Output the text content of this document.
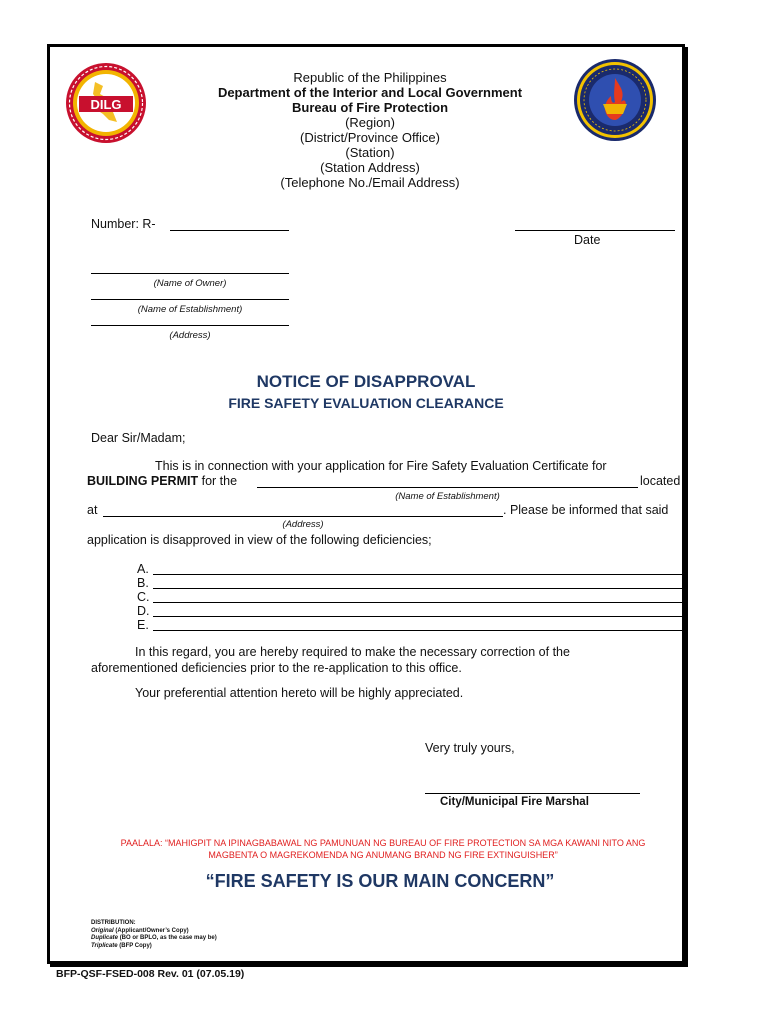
DILG
Republic of the Philippines
Department of the Interior and Local Government
Bureau of Fire Protection
(Region)
(District/Province Office)
(Station)
(Station Address)
(Telephone No./Email Address)
Number: R-
Date
(Name of Owner)
(Name of Establishment)
(Address)
NOTICE OF DISAPPROVAL
FIRE SAFETY EVALUATION CLEARANCE
Dear Sir/Madam;
This is in connection with your application for Fire Safety Evaluation Certificate for
BUILDING PERMIT for the	located
(Name of Establishment)
at	. Please be informed that said
(Address)
application is disapproved in view of the following deficiencies;
A.
B.
C.
D.
E.
In this regard, you are hereby required to make the necessary correction of the
aforementioned deficiencies prior to the re-application to this office.
Your preferential attention hereto will be highly appreciated.
Very truly yours,
City/Municipal Fire Marshal
PAALALA: “MAHIGPIT NA IPINAGBABAWAL NG PAMUNUAN NG BUREAU OF FIRE PROTECTION SA MGA KAWANI NITO ANG
MAGBENTA O MAGREKOMENDA NG ANUMANG BRAND NG FIRE EXTINGUISHER”
“FIRE SAFETY IS OUR MAIN CONCERN”
DISTRIBUTION:
Original (Applicant/Owner’s Copy)
Duplicate (BO or BPLO, as the case may be)
Triplicate (BFP Copy)
BFP-QSF-FSED-008 Rev. 01 (07.05.19)
